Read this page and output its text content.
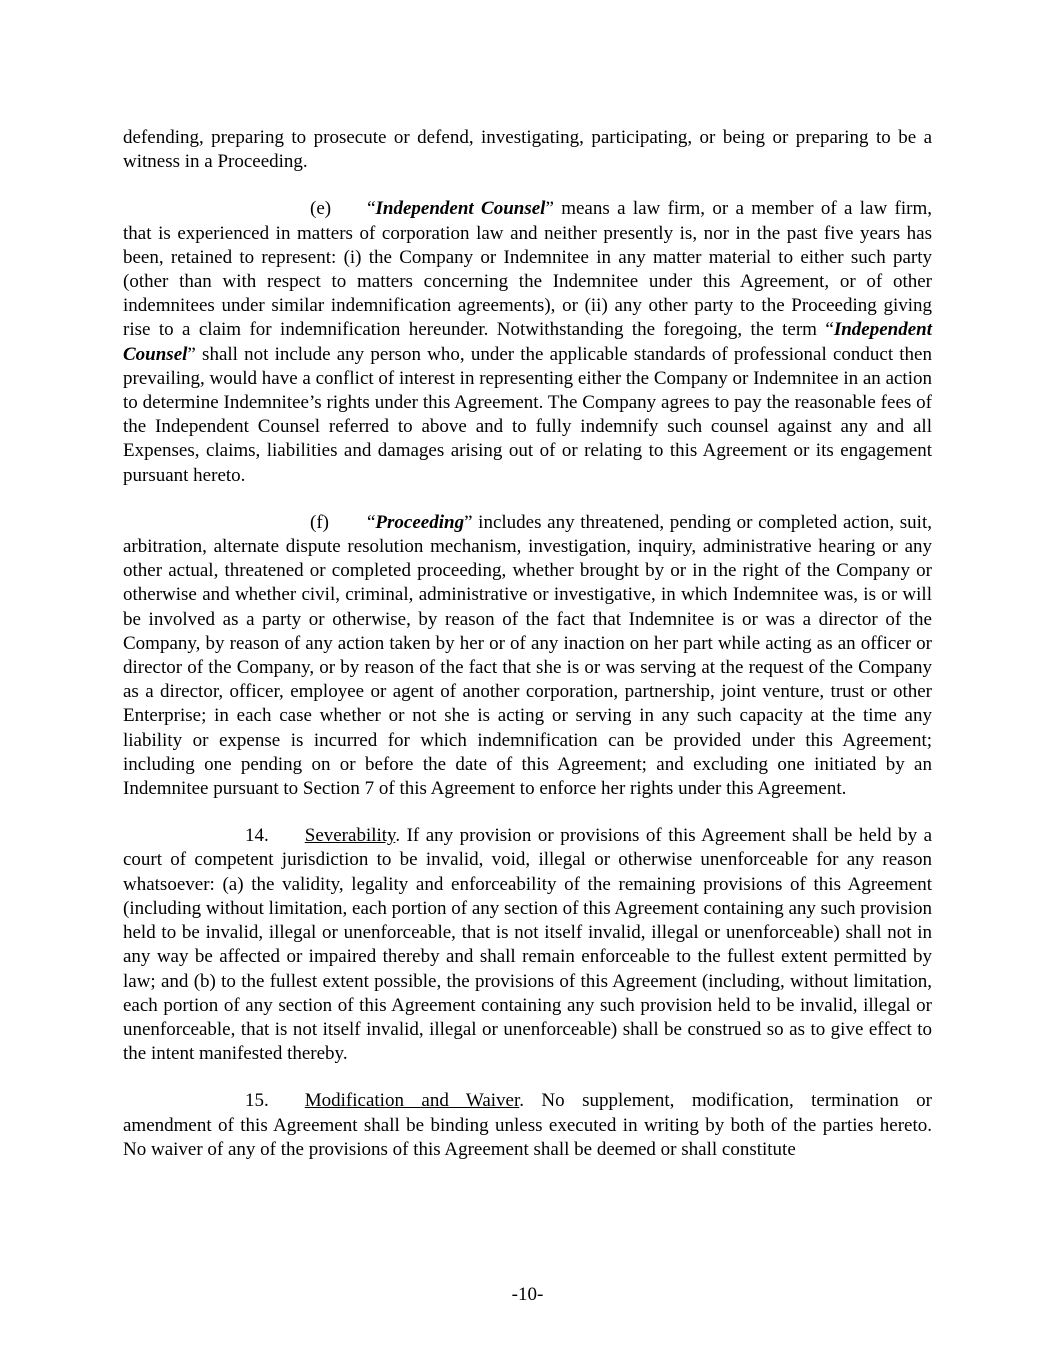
defending, preparing to prosecute or defend, investigating, participating, or being or preparing to be a witness in a Proceeding.

(e) “Independent Counsel” means a law firm, or a member of a law firm, that is experienced in matters of corporation law and neither presently is, nor in the past five years has been, retained to represent: (i) the Company or Indemnitee in any matter material to either such party (other than with respect to matters concerning the Indemnitee under this Agreement, or of other indemnitees under similar indemnification agreements), or (ii) any other party to the Proceeding giving rise to a claim for indemnification hereunder. Notwithstanding the foregoing, the term “Independent Counsel” shall not include any person who, under the applicable standards of professional conduct then prevailing, would have a conflict of interest in representing either the Company or Indemnitee in an action to determine Indemnitee’s rights under this Agreement. The Company agrees to pay the reasonable fees of the Independent Counsel referred to above and to fully indemnify such counsel against any and all Expenses, claims, liabilities and damages arising out of or relating to this Agreement or its engagement pursuant hereto.

(f) “Proceeding” includes any threatened, pending or completed action, suit, arbitration, alternate dispute resolution mechanism, investigation, inquiry, administrative hearing or any other actual, threatened or completed proceeding, whether brought by or in the right of the Company or otherwise and whether civil, criminal, administrative or investigative, in which Indemnitee was, is or will be involved as a party or otherwise, by reason of the fact that Indemnitee is or was a director of the Company, by reason of any action taken by her or of any inaction on her part while acting as an officer or director of the Company, or by reason of the fact that she is or was serving at the request of the Company as a director, officer, employee or agent of another corporation, partnership, joint venture, trust or other Enterprise; in each case whether or not she is acting or serving in any such capacity at the time any liability or expense is incurred for which indemnification can be provided under this Agreement; including one pending on or before the date of this Agreement; and excluding one initiated by an Indemnitee pursuant to Section 7 of this Agreement to enforce her rights under this Agreement.

14. Severability. If any provision or provisions of this Agreement shall be held by a court of competent jurisdiction to be invalid, void, illegal or otherwise unenforceable for any reason whatsoever: (a) the validity, legality and enforceability of the remaining provisions of this Agreement (including without limitation, each portion of any section of this Agreement containing any such provision held to be invalid, illegal or unenforceable, that is not itself invalid, illegal or unenforceable) shall not in any way be affected or impaired thereby and shall remain enforceable to the fullest extent permitted by law; and (b) to the fullest extent possible, the provisions of this Agreement (including, without limitation, each portion of any section of this Agreement containing any such provision held to be invalid, illegal or unenforceable, that is not itself invalid, illegal or unenforceable) shall be construed so as to give effect to the intent manifested thereby.

15. Modification and Waiver. No supplement, modification, termination or amendment of this Agreement shall be binding unless executed in writing by both of the parties hereto. No waiver of any of the provisions of this Agreement shall be deemed or shall constitute

-10-
